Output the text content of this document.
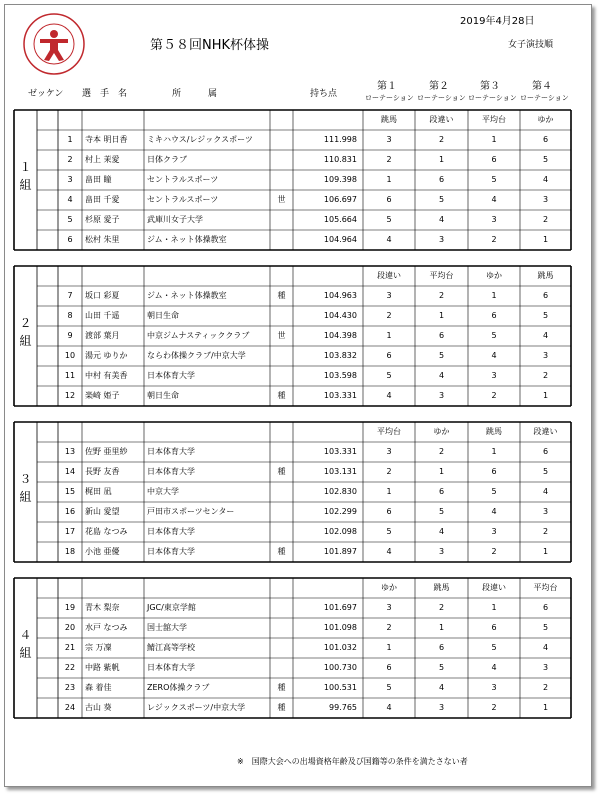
2019年4月28日
第５８回NHK杯体操	女子演技順
ゼッケン 選　手　名	所　　　属	持ち点
第１
ローテーション
第２
ローテーション
第３
ローテーション
第４
ローテーション
跳馬	段違い	平均台	ゆか
１
組
1	寺本 明日香	ミキハウス/レジックスポーツ	111.998	3	2	1	6
2	村上 茉愛	日体クラブ	110.831	2	1	6	5
3	畠田 瞳	セントラルスポーツ	109.398	1	6	5	4
4	畠田 千愛	セントラルスポーツ	世	106.697	6	5	4	3
5	杉原 愛子	武庫川女子大学	105.664	5	4	3	2
6	松村 朱里	ジム・ネット体操教室	104.964	4	3	2	1
段違い	平均台	ゆか	跳馬
２
組
7	坂口 彩夏	ジム・ネット体操教室	種	104.963	3	2	1	6
8	山田 千遥	朝日生命	104.430	2	1	6	5
9	渡部 葉月	中京ジムナスティッククラブ	世	104.398	1	6	5	4
10	湯元 ゆりか	ならわ体操クラブ/中京大学	103.832	6	5	4	3
11	中村 有美香	日本体育大学	103.598	5	4	3	2
12	楽崎 姫子	朝日生命	種	103.331	4	3	2	1
平均台	ゆか	跳馬	段違い
３
組
13	佐野 亜里紗	日本体育大学	103.331	3	2	1	6
14	長野 友香	日本体育大学	種	103.131	2	1	6	5
15	梶田 凪	中京大学	102.830	1	6	5	4
16	新山 愛望	戸田市スポーツセンター	102.299	6	5	4	3
17	花島 なつみ	日本体育大学	102.098	5	4	3	2
18	小池 亜優	日本体育大学	種	101.897	4	3	2	1
ゆか	跳馬	段違い	平均台
４
組
19	青木 梨奈	JGC/東京学館	101.697	3	2	1	6
20	水戸 なつみ	国士舘大学	101.098	2	1	6	5
21	宗 万凜	鯖江高等学校	101.032	1	6	5	4
22	中路 紫帆	日本体育大学	100.730	6	5	4	3
23	森 着佳	ZERO体操クラブ	種	100.531	5	4	3	2
24	古山 葵	レジックスポーツ/中京大学	種	99.765	4	3	2	1
※　国際大会への出場資格年齢及び国籍等の条件を満たさない者
